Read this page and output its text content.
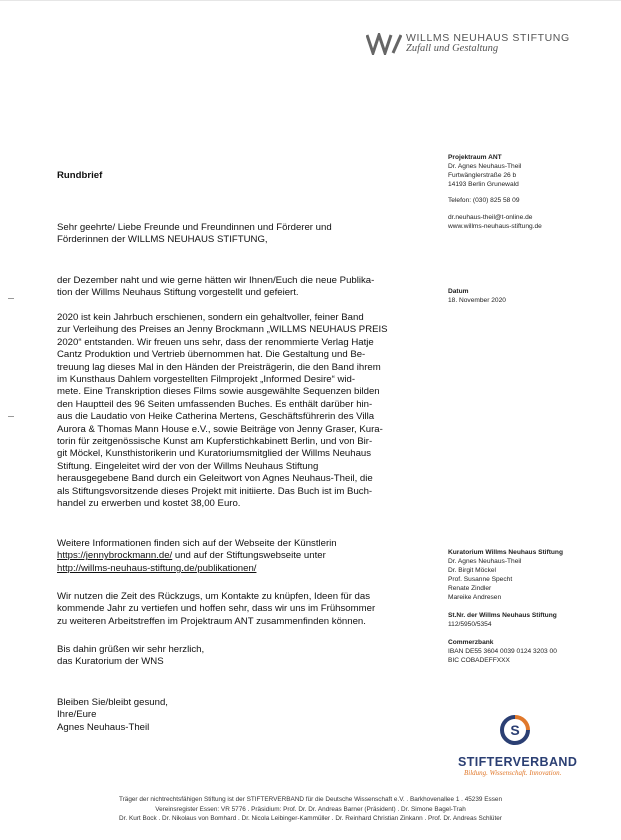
WILLMS NEUHAUS STIFTUNG
Zufall und Gestaltung
Projektraum ANT
Dr. Agnes Neuhaus-Theil
Furtwänglerstraße 26 b
14193 Berlin Grunewald
Telefon: (030) 825 58 09
dr.neuhaus-theil@t-online.de
www.willms-neuhaus-stiftung.de
Datum
18. November 2020
Kuratorium Willms Neuhaus Stiftung
Dr. Agnes Neuhaus-Theil
Dr. Birgit Möckel
Prof. Susanne Specht
Renate Zindler
Mareike Andresen
St.Nr. der Willms Neuhaus Stiftung
112/5950/5354
Commerzbank
IBAN DE55 3604 0039 0124 3203 00
BIC COBADEFFXXX
Rundbrief

Sehr geehrte/ Liebe Freunde und Freundinnen und Förderer und

Förderinnen der WILLMS NEUHAUS STIFTUNG,

der Dezember naht und wie gerne hätten wir Ihnen/Euch die neue Publika-

tion der Willms Neuhaus Stiftung vorgestellt und gefeiert.

2020 ist kein Jahrbuch erschienen, sondern ein gehaltvoller, feiner Band

zur Verleihung des Preises an Jenny Brockmann „WILLMS NEUHAUS PREIS

2020“ entstanden. Wir freuen uns sehr, dass der renommierte Verlag Hatje

Cantz Produktion und Vertrieb übernommen hat. Die Gestaltung und Be-

treuung lag dieses Mal in den Händen der Preisträgerin, die den Band ihrem

im Kunsthaus Dahlem vorgestellten Filmprojekt „Informed Desire“ wid-

mete. Eine Transkription dieses Films sowie ausgewählte Sequenzen bilden

den Hauptteil des 96 Seiten umfassenden Buches. Es enthält darüber hin-

aus die Laudatio von Heike Catherina Mertens, Geschäftsführerin des Villa

Aurora & Thomas Mann House e.V., sowie Beiträge von Jenny Graser, Kura-

torin für zeitgenössische Kunst am Kupferstichkabinett Berlin, und von Bir-

git Möckel, Kunsthistorikerin und Kuratoriumsmitglied der Willms Neuhaus

Stiftung. Eingeleitet wird der von der Willms Neuhaus Stiftung

herausgegebene Band durch ein Geleitwort von Agnes Neuhaus-Theil, die

als Stiftungsvorsitzende dieses Projekt mit initiierte. Das Buch ist im Buch-

handel zu erwerben und kostet 38,00 Euro.

Weitere Informationen finden sich auf der Webseite der Künstlerin

https://jennybrockmann.de/ und auf der Stiftungswebseite unter

http://willms-neuhaus-stiftung.de/publikationen/

Wir nutzen die Zeit des Rückzugs, um Kontakte zu knüpfen, Ideen für das

kommende Jahr zu vertiefen und hoffen sehr, dass wir uns im Frühsommer

zu weiteren Arbeitstreffen im Projektraum ANT zusammenfinden können.

Bis dahin grüßen wir sehr herzlich,

das Kuratorium der WNS

Bleiben Sie/bleibt gesund,

Ihre/Eure

Agnes Neuhaus-Theil	S
STIFTERVERBAND
Bildung. Wissenschaft. Innovation.
Träger der nichtrechtsfähigen Stiftung ist der STIFTERVERBAND für die Deutsche Wissenschaft e.V. . Barkhovenallee 1 . 45239 Essen
Vereinsregister Essen: VR 5776 . Präsidium: Prof. Dr. Dr. Andreas Barner (Präsident) . Dr. Simone Bagel-Trah
Dr. Kurt Bock . Dr. Nikolaus von Bomhard . Dr. Nicola Leibinger-Kammüller . Dr. Reinhard Christian Zinkann . Prof. Dr. Andreas Schlüter
